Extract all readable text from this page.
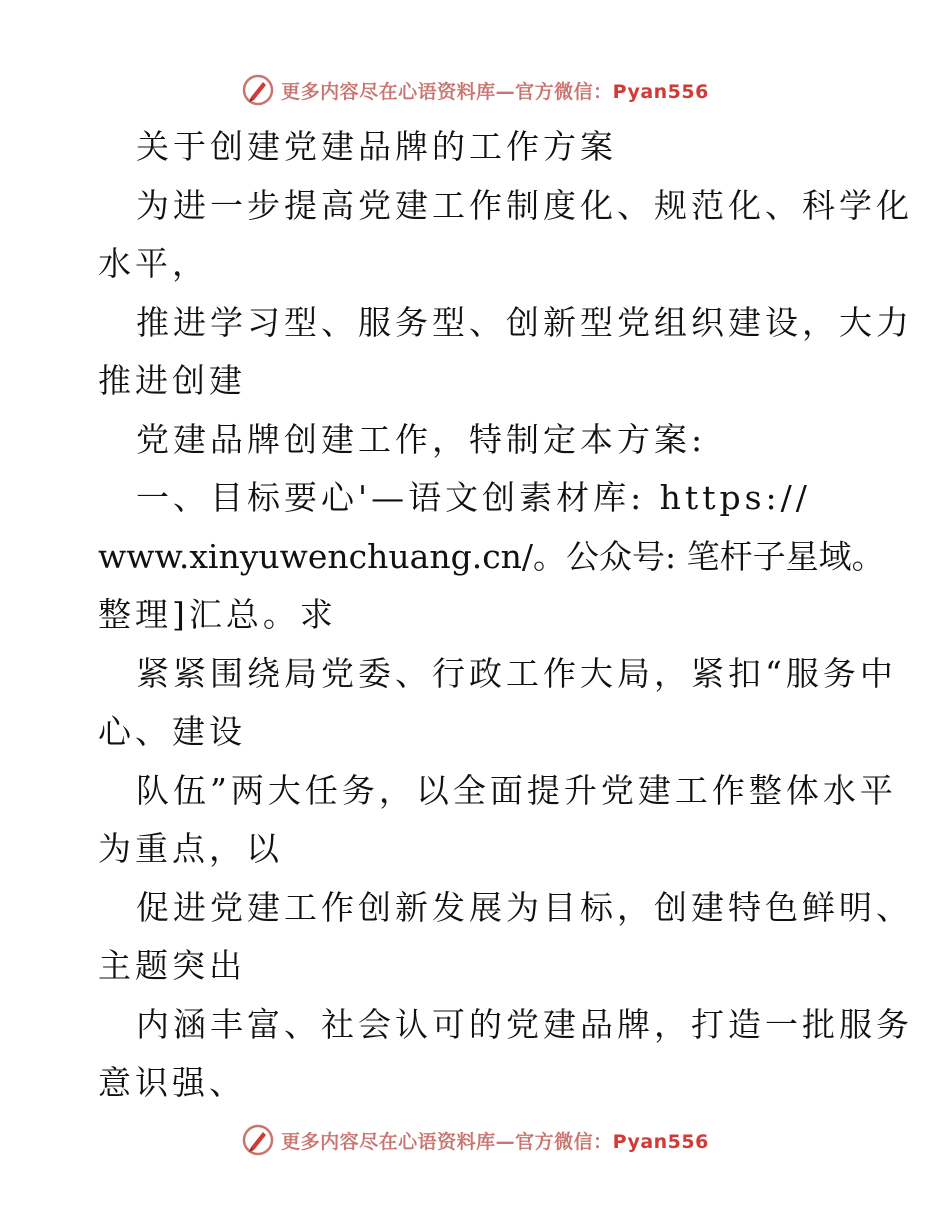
更多内容尽在心语资料库—官方微信：Pyan556
关于创建党建品牌的工作方案
为进一步提高党建工作制度化、规范化、科学化
水平，
推进学习型、服务型、创新型党组织建设，大力
推进创建
党建品牌创建工作，特制定本方案:
一、目标要心'—语文创素材库: https://
www.xinyuwenchuang.cn/。公众号: 笔杆子星域。
整理]汇总。求
紧紧围绕局党委、行政工作大局，紧扣“服务中
心、建设
队伍”两大任务，以全面提升党建工作整体水平
为重点，以
促进党建工作创新发展为目标，创建特色鲜明、
主题突出
内涵丰富、社会认可的党建品牌，打造一批服务
意识强、
更多内容尽在心语资料库—官方微信：Pyan556
